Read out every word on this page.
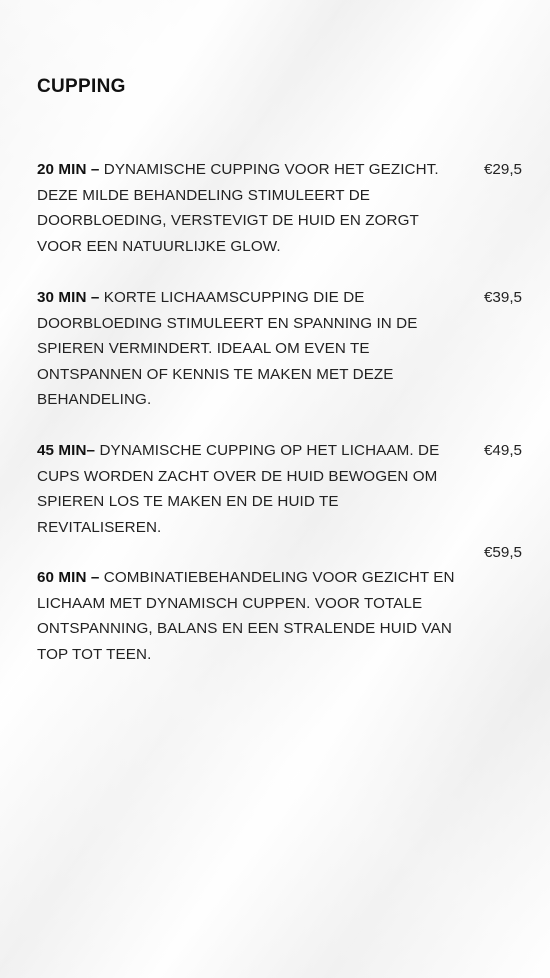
CUPPING
20 MIN – DYNAMISCHE CUPPING VOOR HET GEZICHT. DEZE MILDE BEHANDELING STIMULEERT DE DOORBLOEDING, VERSTEVIGT DE HUID EN ZORGT VOOR EEN NATUURLIJKE GLOW.
€29,5
30 MIN – KORTE LICHAAMSCUPPING DIE DE DOORBLOEDING STIMULEERT EN SPANNING IN DE SPIEREN VERMINDERT. IDEAAL OM EVEN TE ONTSPANNEN OF KENNIS TE MAKEN MET DEZE BEHANDELING.
€39,5
45 MIN– DYNAMISCHE CUPPING OP HET LICHAAM. DE CUPS WORDEN ZACHT OVER DE HUID BEWOGEN OM SPIEREN LOS TE MAKEN EN DE HUID TE REVITALISEREN.
€49,5
€59,5
60 MIN – COMBINATIEBEHANDELING VOOR GEZICHT EN LICHAAM MET DYNAMISCH CUPPEN. VOOR TOTALE ONTSPANNING, BALANS EN EEN STRALENDE HUID VAN TOP TOT TEEN.
